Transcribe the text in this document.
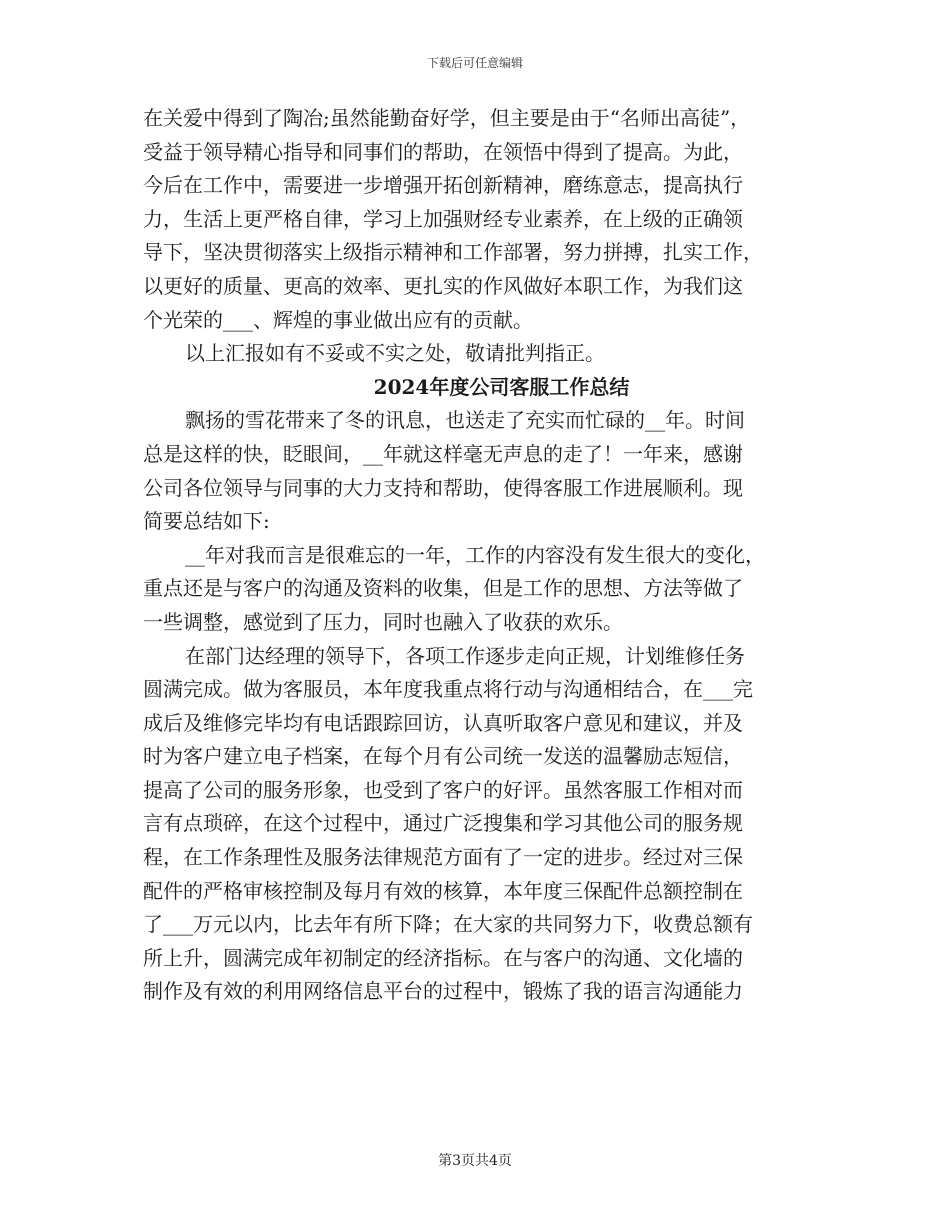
下载后可任意编辑
在关爱中得到了陶冶;虽然能勤奋好学，但主要是由于“名师出高徒”，
受益于领导精心指导和同事们的帮助，在领悟中得到了提高。为此，
今后在工作中，需要进一步增强开拓创新精神，磨练意志，提高执行
力，生活上更严格自律，学习上加强财经专业素养，在上级的正确领
导下，坚决贯彻落实上级指示精神和工作部署，努力拼搏，扎实工作，
以更好的质量、更高的效率、更扎实的作风做好本职工作，为我们这
个光荣的___、辉煌的事业做出应有的贡献。
以上汇报如有不妥或不实之处，敬请批判指正。
2024年度公司客服工作总结
飘扬的雪花带来了冬的讯息，也送走了充实而忙碌的__年。时间
总是这样的快，眨眼间，__年就这样毫无声息的走了！一年来，感谢
公司各位领导与同事的大力支持和帮助，使得客服工作进展顺利。现
简要总结如下:
__年对我而言是很难忘的一年，工作的内容没有发生很大的变化，
重点还是与客户的沟通及资料的收集，但是工作的思想、方法等做了
一些调整，感觉到了压力，同时也融入了收获的欢乐。
在部门达经理的领导下，各项工作逐步走向正规，计划维修任务
圆满完成。做为客服员，本年度我重点将行动与沟通相结合，在___完
成后及维修完毕均有电话跟踪回访，认真听取客户意见和建议，并及
时为客户建立电子档案，在每个月有公司统一发送的温馨励志短信，
提高了公司的服务形象，也受到了客户的好评。虽然客服工作相对而
言有点琐碎，在这个过程中，通过广泛搜集和学习其他公司的服务规
程，在工作条理性及服务法律规范方面有了一定的进步。经过对三保
配件的严格审核控制及每月有效的核算，本年度三保配件总额控制在
了___万元以内，比去年有所下降；在大家的共同努力下，收费总额有
所上升，圆满完成年初制定的经济指标。在与客户的沟通、文化墙的
制作及有效的利用网络信息平台的过程中，锻炼了我的语言沟通能力
第3页共4页
